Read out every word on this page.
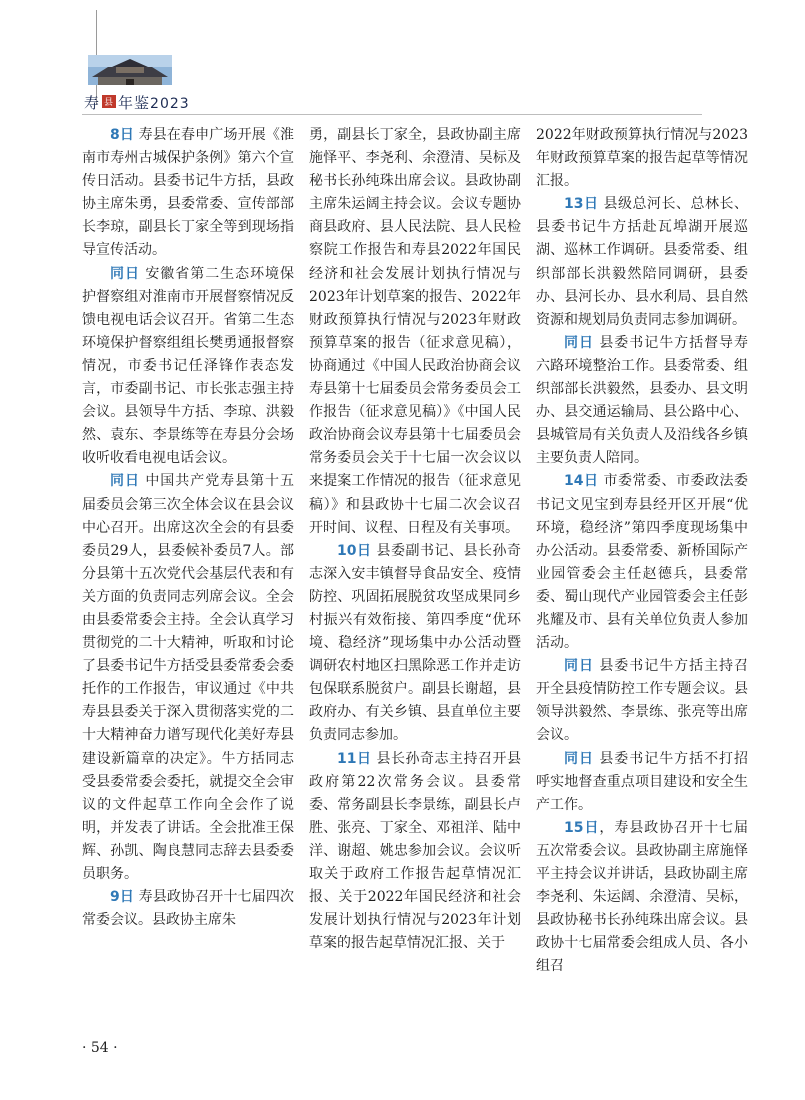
寿 县 年鉴2023

8日 寿县在春申广场开展《淮南市寿州古城保护条例》第六个宣传日活动。县委书记牛方括，县政协主席朱勇，县委常委、宣传部部长李琼，副县长丁家全等到现场指导宣传活动。

同日 安徽省第二生态环境保护督察组对淮南市开展督察情况反馈电视电话会议召开。省第二生态环境保护督察组组长樊勇通报督察情况，市委书记任泽锋作表态发言，市委副书记、市长张志强主持会议。县领导牛方括、李琼、洪毅然、袁东、李景练等在寿县分会场收听收看电视电话会议。

同日 中国共产党寿县第十五届委员会第三次全体会议在县会议中心召开。出席这次全会的有县委委员29人，县委候补委员7人。部分县第十五次党代会基层代表和有关方面的负责同志列席会议。全会由县委常委会主持。全会认真学习贯彻党的二十大精神，听取和讨论了县委书记牛方括受县委常委会委托作的工作报告，审议通过《中共寿县县委关于深入贯彻落实党的二十大精神奋力谱写现代化美好寿县建设新篇章的决定》。牛方括同志受县委常委会委托，就提交全会审议的文件起草工作向全会作了说明，并发表了讲话。全会批准王保辉、孙凯、陶良慧同志辞去县委委员职务。

9日 寿县政协召开十七届四次常委会议。县政协主席朱

勇，副县长丁家全，县政协副主席施怿平、李尧利、余澄清、吴标及秘书长孙纯珠出席会议。县政协副主席朱运阔主持会议。会议专题协商县政府、县人民法院、县人民检察院工作报告和寿县2022年国民经济和社会发展计划执行情况与2023年计划草案的报告、2022年财政预算执行情况与2023年财政预算草案的报告（征求意见稿），协商通过《中国人民政治协商会议寿县第十七届委员会常务委员会工作报告（征求意见稿）》《中国人民政治协商会议寿县第十七届委员会常务委员会关于十七届一次会议以来提案工作情况的报告（征求意见稿）》和县政协十七届二次会议召开时间、议程、日程及有关事项。

10日 县委副书记、县长孙奇志深入安丰镇督导食品安全、疫情防控、巩固拓展脱贫攻坚成果同乡村振兴有效衔接、第四季度“优环境、稳经济”现场集中办公活动暨调研农村地区扫黑除恶工作并走访包保联系脱贫户。副县长谢超，县政府办、有关乡镇、县直单位主要负责同志参加。

11日 县长孙奇志主持召开县政府第22次常务会议。县委常委、常务副县长李景练，副县长卢胜、张亮、丁家全、邓祖洋、陆中洋、谢超、姚忠参加会议。会议听取关于政府工作报告起草情况汇报、关于2022年国民经济和社会发展计划执行情况与2023年计划草案的报告起草情况汇报、关于

2022年财政预算执行情况与2023年财政预算草案的报告起草等情况汇报。

13日 县级总河长、总林长、县委书记牛方括赴瓦埠湖开展巡湖、巡林工作调研。县委常委、组织部部长洪毅然陪同调研，县委办、县河长办、县水利局、县自然资源和规划局负责同志参加调研。

同日 县委书记牛方括督导寿六路环境整治工作。县委常委、组织部部长洪毅然，县委办、县文明办、县交通运输局、县公路中心、县城管局有关负责人及沿线各乡镇主要负责人陪同。

14日 市委常委、市委政法委书记文见宝到寿县经开区开展“优环境，稳经济”第四季度现场集中办公活动。县委常委、新桥国际产业园管委会主任赵德兵，县委常委、蜀山现代产业园管委会主任彭兆耀及市、县有关单位负责人参加活动。

同日 县委书记牛方括主持召开全县疫情防控工作专题会议。县领导洪毅然、李景练、张亮等出席会议。

同日 县委书记牛方括不打招呼实地督查重点项目建设和安全生产工作。

15日，寿县政协召开十七届五次常委会议。县政协副主席施怿平主持会议并讲话，县政协副主席李尧利、朱运阔、余澄清、吴标，县政协秘书长孙纯珠出席会议。县政协十七届常委会组成人员、各小组召

· 54 ·
